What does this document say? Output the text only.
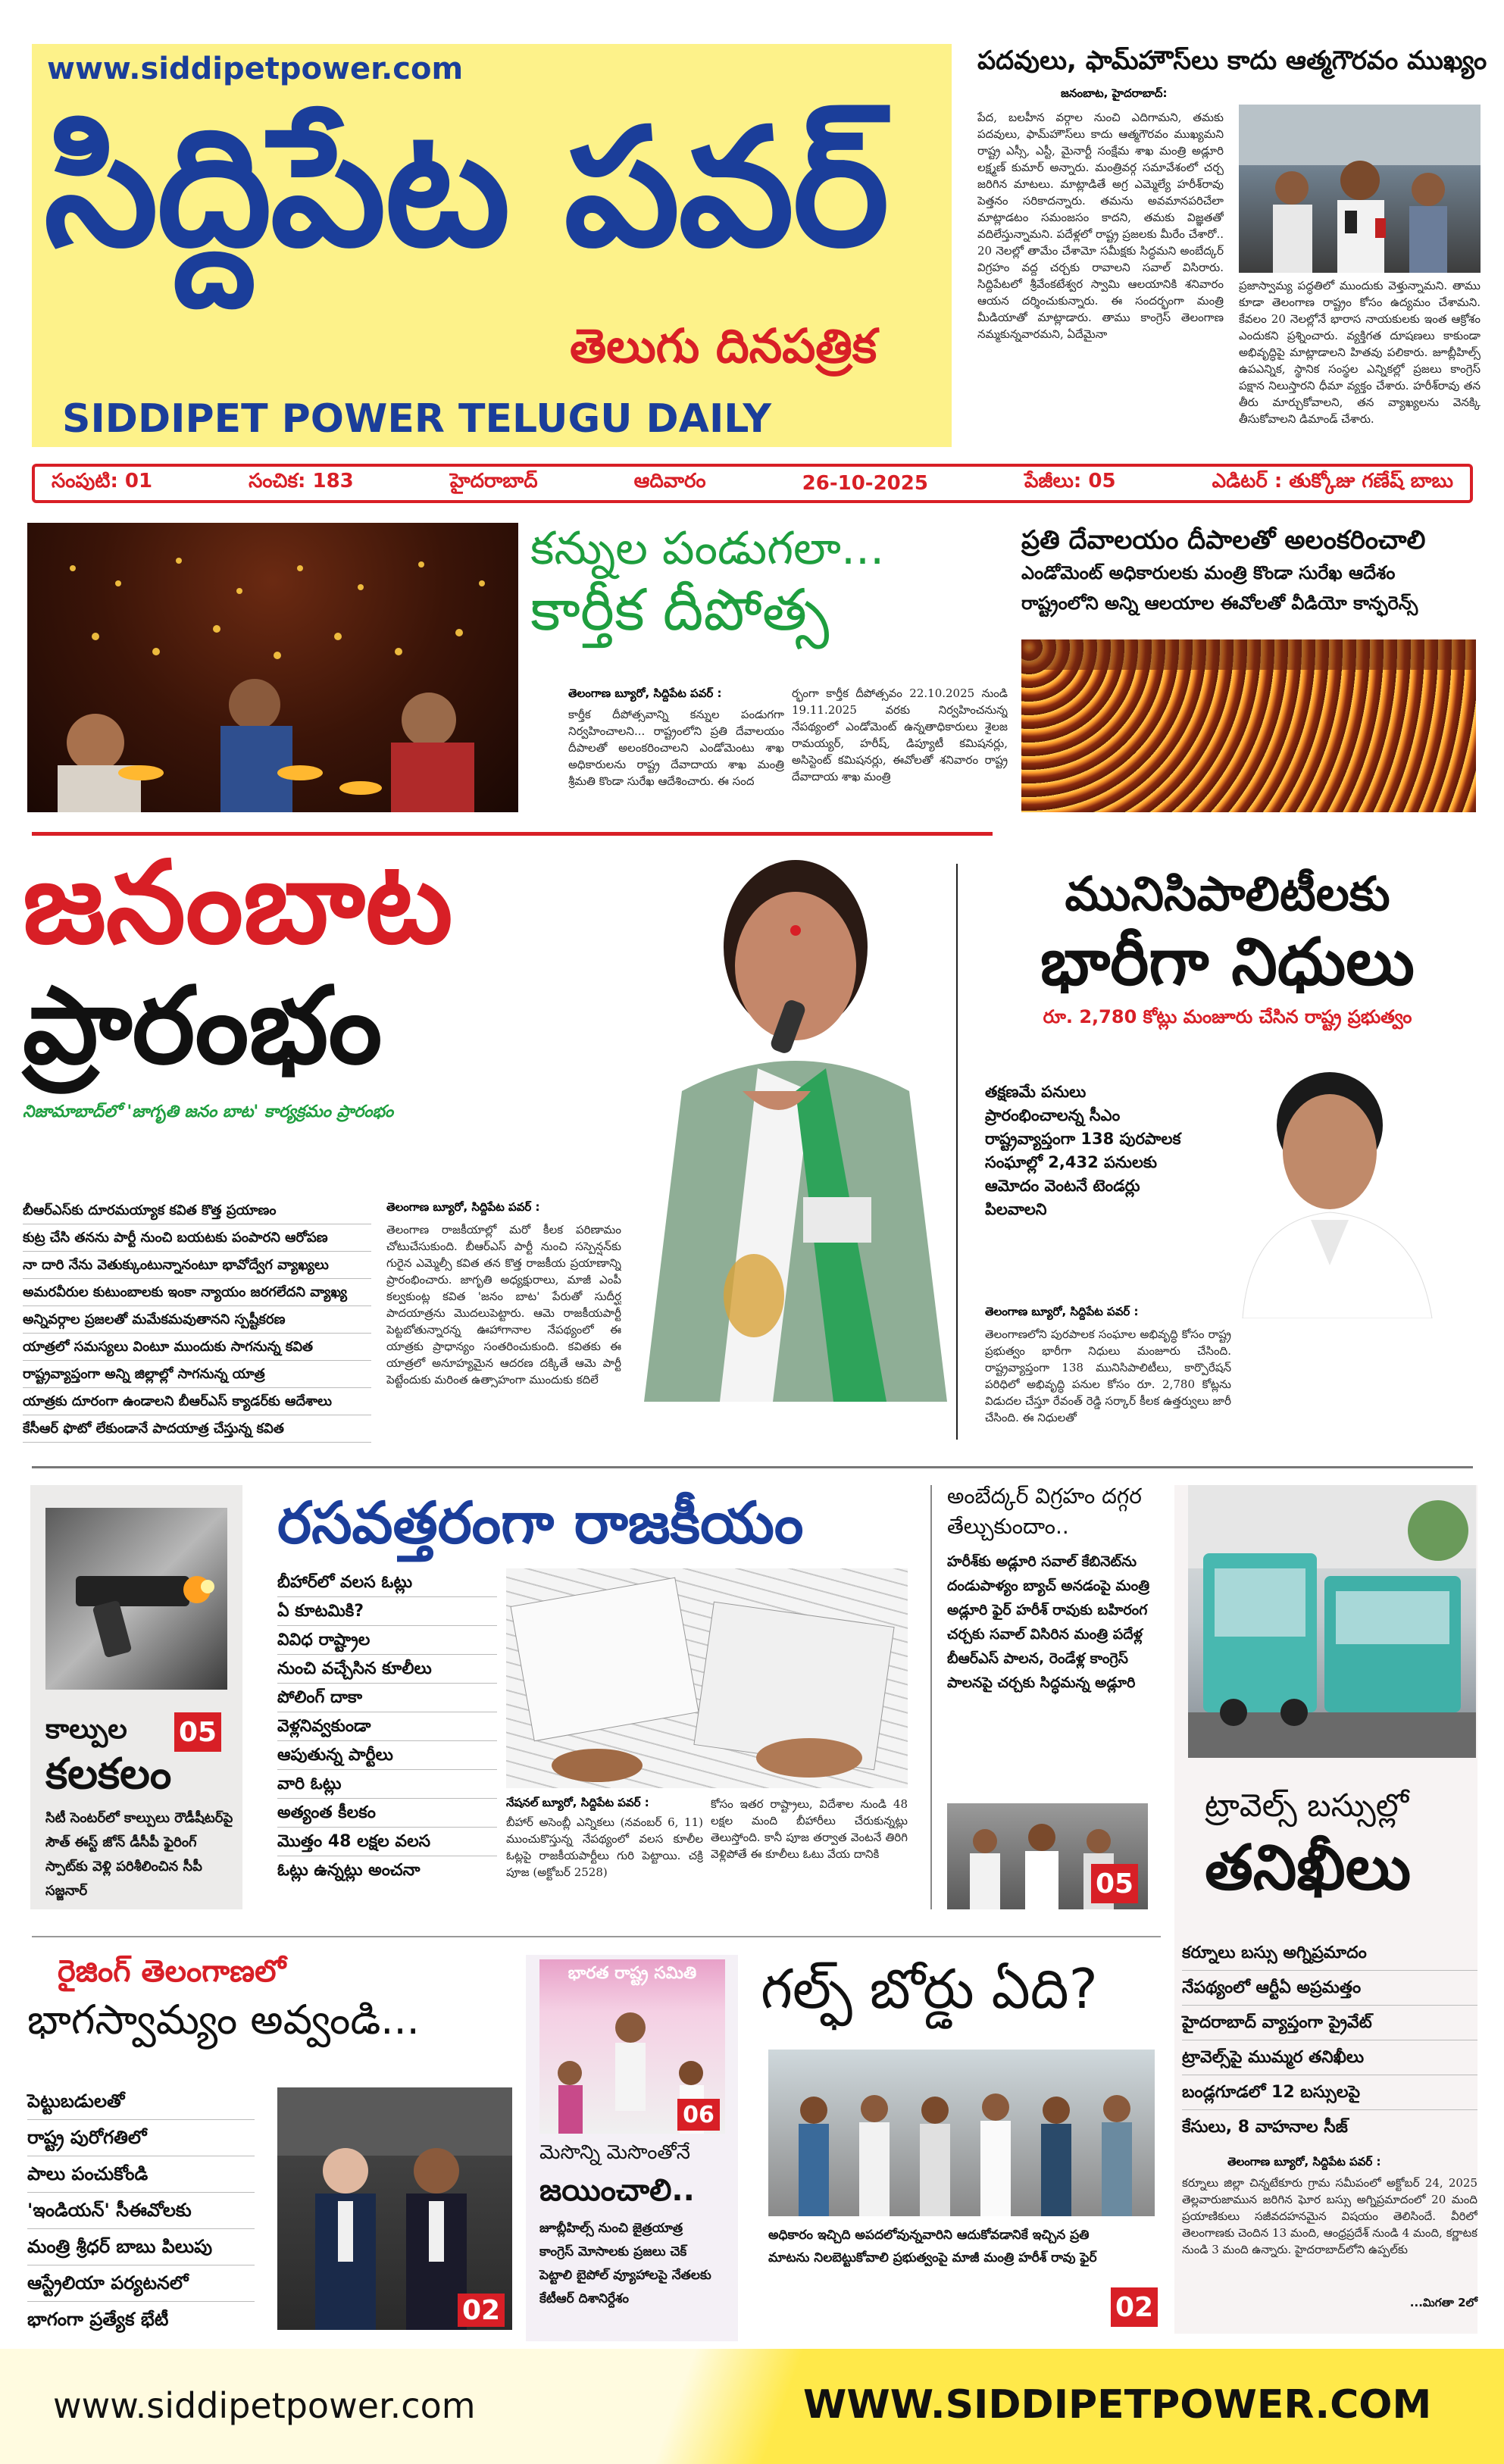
www.siddipetpower.com
సిద్దిపేట పవర్
తెలుగు దినపత్రిక
SIDDIPET POWER TELUGU DAILY
పదవులు, ఫామ్‌హౌస్‌లు కాదు ఆత్మగౌరవం ముఖ్యం
జనంబాట, హైదరాబాద్:
పేద, బలహీన వర్గాల నుంచి ఎదిగామని, తమకు పదవులు, ఫామ్‌హౌస్‌లు కాదు ఆత్మగౌరవం ముఖ్యమని రాష్ట్ర ఎస్సీ, ఎస్టీ, మైనార్టీ సంక్షేమ శాఖ మంత్రి అడ్లూరి లక్ష్మణ్ కుమార్ అన్నారు. మంత్రివర్గ సమావేశంలో చర్చ జరిగిన మాటలు. మాట్లాడితే అగ్ర ఎమ్మెల్యే హరీశ్‌రావు పెత్తనం సరికాదన్నారు. తమను అవమానపరిచేలా మాట్లాడటం సమంజసం కాదని, తమకు విజ్ఞతతో వదిలేస్తున్నామని. పదేళ్లలో రాష్ట్ర ప్రజలకు మీరేం చేశారో.. 20 నెలల్లో తామేం చేశామో సమీక్షకు సిద్ధమని అంబేద్కర్ విగ్రహం వద్ద చర్చకు రావాలని సవాల్ విసిరారు. సిద్దిపేటలో శ్రీవేంకటేశ్వర స్వామి ఆలయానికి శనివారం ఆయన దర్శించుకున్నారు. ఈ సందర్భంగా మంత్రి మీడియాతో మాట్లాడారు. తాము కాంగ్రెస్ తెలంగాణ నమ్మకున్నవారమని, ఏదేమైనా
ప్రజాస్వామ్య పద్ధతిలో ముందుకు వెళ్తున్నామని. తాము కూడా తెలంగాణ రాష్ట్రం కోసం ఉద్యమం చేశామని. కేవలం 20 నెలల్లోనే భారాస నాయకులకు ఇంత ఆక్రోశం ఎందుకని ప్రశ్నించారు. వ్యక్తిగత దూషణలు కాకుండా అభివృద్ధిపై మాట్లాడాలని హితవు పలికారు. జూబ్లీహిల్స్ ఉపఎన్నిక, స్థానిక సంస్థల ఎన్నికల్లో ప్రజలు కాంగ్రెస్ పక్షాన నిలుస్తారని ధీమా వ్యక్తం చేశారు. హరీశ్‌రావు తన తీరు మార్చుకోవాలని, తన వ్యాఖ్యలను వెనక్కి తీసుకోవాలని డిమాండ్ చేశారు.
సంపుటి: 01	సంచిక: 183	హైదరాబాద్	ఆదివారం	26-10-2025	పేజీలు: 05	ఎడిటర్ : తుక్కోజు గణేష్ బాబు
కన్నుల పండుగలా...
కార్తీక దీపోత్స
తెలంగాణ బ్యూరో, సిద్దిపేట పవర్ :
కార్తీక దీపోత్సవాన్ని కన్నుల పండుగగా నిర్వహించాలని... రాష్ట్రంలోని ప్రతి దేవాలయం దీపాలతో అలంకరించాలని ఎండోమెంటు శాఖ అధికారులను రాష్ట్ర దేవాదాయ శాఖ మంత్రి శ్రీమతి కొండా సురేఖ ఆదేశించారు. ఈ సంద
ర్భంగా కార్తీక దీపోత్సవం 22.10.2025 నుండి 19.11.2025 వరకు నిర్వహించనున్న నేపథ్యంలో ఎండోమెంట్ ఉన్నతాధికారులు శైలజ రామయ్యర్, హరీష్, డిప్యూటీ కమిషనర్లు, అసిస్టెంట్ కమిషనర్లు, ఈవోలతో శనివారం రాష్ట్ర దేవాదాయ శాఖ మంత్రి
ప్రతి దేవాలయం దీపాలతో అలంకరించాలి
ఎండోమెంట్ అధికారులకు మంత్రి కొండా సురేఖ ఆదేశం
రాష్ట్రంలోని అన్ని ఆలయాల ఈవోలతో వీడియో కాన్ఫరెన్స్
జనంబాట
ప్రారంభం
నిజామాబాద్‌లో 'జాగృతి జనం బాట' కార్యక్రమం ప్రారంభం
బీఆర్ఎస్‌కు దూరమయ్యాక కవిత కొత్త ప్రయాణం
కుట్ర చేసి తనను పార్టీ నుంచి బయటకు పంపారని ఆరోపణ
నా దారి నేను వెతుక్కుంటున్నానంటూ భావోద్వేగ వ్యాఖ్యలు
అమరవీరుల కుటుంబాలకు ఇంకా న్యాయం జరగలేదని వ్యాఖ్య
అన్నివర్గాల ప్రజలతో మమేకమవుతానని స్పష్టీకరణ
యాత్రలో సమస్యలు వింటూ ముందుకు సాగనున్న కవిత
రాష్ట్రవ్యాప్తంగా అన్ని జిల్లాల్లో సాగనున్న యాత్ర
యాత్రకు దూరంగా ఉండాలని బీఆర్ఎస్ క్యాడర్‌కు ఆదేశాలు
కేసీఆర్ ఫొటో లేకుండానే పాదయాత్ర చేస్తున్న కవిత
తెలంగాణ బ్యూరో, సిద్దిపేట పవర్ :
తెలంగాణ రాజకీయాల్లో మరో కీలక పరిణామం చోటుచేసుకుంది. బీఆర్ఎస్ పార్టీ నుంచి సస్పెన్షన్‌కు గురైన ఎమ్మెల్సీ కవిత తన కొత్త రాజకీయ ప్రయాణాన్ని ప్రారంభించారు. జాగృతి అధ్యక్షురాలు, మాజీ ఎంపీ కల్వకుంట్ల కవిత 'జనం బాట' పేరుతో సుదీర్ఘ పాదయాత్రను మొదలుపెట్టారు. ఆమె రాజకీయపార్టీ పెట్టబోతున్నారన్న ఊహాగానాల నేపథ్యంలో ఈ యాత్రకు ప్రాధాన్యం సంతరించుకుంది. కవితకు ఈ యాత్రలో అనూహ్యమైన ఆదరణ దక్కితే ఆమె పార్టీ పెట్టేందుకు మరింత ఉత్సాహంగా ముందుకు కదిలే
మునిసిపాలిటీలకు
భారీగా నిధులు
రూ. 2,780 కోట్లు మంజూరు చేసిన రాష్ట్ర ప్రభుత్వం
తక్షణమే పనులు ప్రారంభించాలన్న సీఎం రాష్ట్రవ్యాప్తంగా 138 పురపాలక సంఘాల్లో 2,432 పనులకు ఆమోదం వెంటనే టెండర్లు పిలవాలని
తెలంగాణ బ్యూరో, సిద్దిపేట పవర్ :
తెలంగాణలోని పురపాలక సంఘాల అభివృద్ధి కోసం రాష్ట్ర ప్రభుత్వం భారీగా నిధులు మంజూరు చేసింది. రాష్ట్రవ్యాప్తంగా 138 మునిసిపాలిటీలు, కార్పొరేషన్ పరిధిలో అభివృద్ధి పనుల కోసం రూ. 2,780 కోట్లను విడుదల చేస్తూ రేవంత్ రెడ్డి సర్కార్ కీలక ఉత్తర్వులు జారీ చేసింది. ఈ నిధులతో
కాల్పుల 05
కలకలం
సిటీ సెంటర్‌లో కాల్పులు రౌడీషీటర్‌పై సౌత్ ఈస్ట్ జోన్ డీసీపీ ఫైరింగ్ స్పాట్‌కు వెళ్లి పరిశీలించిన సీపీ సజ్జనార్
రసవత్తరంగా రాజకీయం
బీహార్‌లో వలస ఓట్లు
ఏ కూటమికి?
వివిధ రాష్ట్రాల
నుంచి వచ్చేసిన కూలీలు
పోలింగ్ దాకా
వెళ్లనివ్వకుండా
ఆపుతున్న పార్టీలు
వారి ఓట్లు
అత్యంత కీలకం
మొత్తం 48 లక్షల వలస
ఓట్లు ఉన్నట్లు అంచనా
నేషనల్ బ్యూరో, సిద్దిపేట పవర్ :
బీహార్ అసెంబ్లీ ఎన్నికలు (నవంబర్ 6, 11) ముంచుకొస్తున్న నేపథ్యంలో వలస కూలీల ఓట్లపై రాజకీయపార్టీలు గురి పెట్టాయి. చక్రి పూజ (అక్టోబర్ 2528)
కోసం ఇతర రాష్ట్రాలు, విదేశాల నుండి 48 లక్షల మంది బీహారీలు చేరుకున్నట్లు తెలుస్తోంది. కానీ పూజ తర్వాత వెంటనే తిరిగి వెళ్లిపోతే ఈ కూలీలు ఓటు వేయ దానికి
అంబేద్కర్ విగ్రహం దగ్గర తేల్చుకుందాం..
హరీశ్‌కు అడ్లూరి సవాల్ కేబినెట్‌ను దండుపాళ్యం బ్యాచ్ అనడంపై మంత్రి అడ్లూరి ఫైర్ హరీశ్ రావుకు బహిరంగ చర్చకు సవాల్ విసిరిన మంత్రి పదేళ్ల బీఆర్ఎస్ పాలన, రెండేళ్ల కాంగ్రెస్ పాలనపై చర్చకు సిద్ధమన్న అడ్లూరి
05
ట్రావెల్స్ బస్సుల్లో
తనిఖీలు
కర్నూలు బస్సు అగ్నిప్రమాదం
నేపథ్యంలో ఆర్టీఏ అప్రమత్తం
హైదరాబాద్ వ్యాప్తంగా ప్రైవేట్
ట్రావెల్స్‌పై ముమ్మర తనిఖీలు
బండ్లగూడలో 12 బస్సులపై
కేసులు, 8 వాహనాల సీజ్
తెలంగాణ బ్యూరో, సిద్దిపేట పవర్ :
కర్నూలు జిల్లా చిన్నటేకూరు గ్రామ సమీపంలో అక్టోబర్ 24, 2025 తెల్లవారుజామున జరిగిన ఘోర బస్సు అగ్నిప్రమాదంలో 20 మంది ప్రయాణికులు సజీవదహనమైన విషయం తెలిసిందే. వీరిలో తెలంగాణకు చెందిన 13 మంది, ఆంధ్రప్రదేశ్ నుండి 4 మంది, కర్ణాటక నుండి 3 మంది ఉన్నారు. హైదరాబాద్‌లోని ఉప్పల్‌కు
...మిగతా 2లో
రైజింగ్ తెలంగాణలో
భాగస్వామ్యం అవ్వండి...
పెట్టుబడులతో
రాష్ట్ర పురోగతిలో
పాలు పంచుకోండి
'ఇండియన్' సీఈవోలకు
మంత్రి శ్రీధర్ బాబు పిలుపు
ఆస్ట్రేలియా పర్యటనలో
భాగంగా ప్రత్యేక భేటీ	02
భారత రాష్ట్ర సమితి
06
మెసొన్ని మెసొంతోనే
జయించాలి..
జూబ్లీహిల్స్ నుంచి జైత్రయాత్ర కాంగ్రెస్ మోసాలకు ప్రజలు చెక్ పెట్టాలి బైపోల్ వ్యూహాలపై నేతలకు కేటీఆర్ దిశానిర్దేశం
గల్ఫ్ బోర్డు ఏది?
అధికారం ఇచ్చిది అపదలోవున్నవారిని ఆదుకోవడానికే ఇచ్చిన ప్రతి మాటను నిలబెట్టుకోవాలి ప్రభుత్వంపై మాజీ మంత్రి హరీశ్ రావు ఫైర్
02
www.siddipetpower.com	WWW.SIDDIPETPOWER.COM
